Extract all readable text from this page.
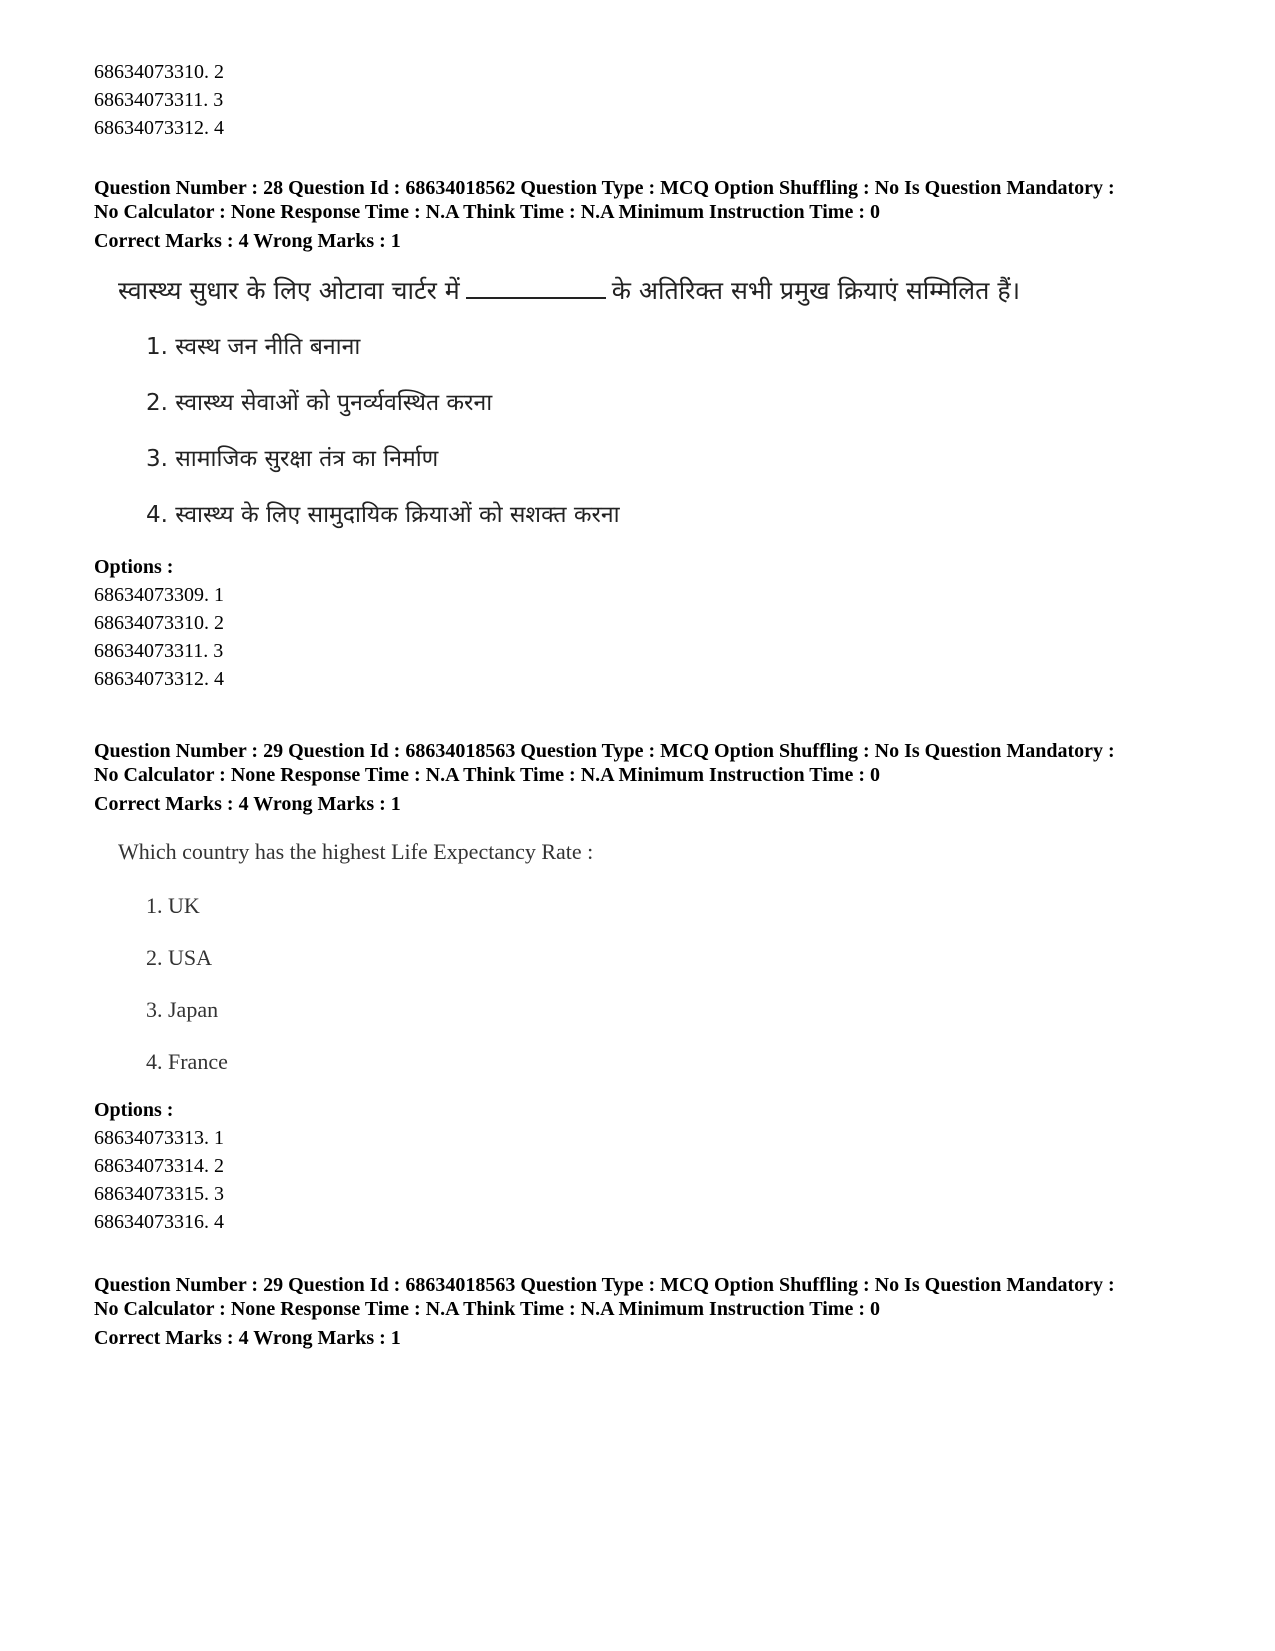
68634073310. 2
68634073311. 3
68634073312. 4
Question Number : 28 Question Id : 68634018562 Question Type : MCQ Option Shuffling : No Is Question Mandatory :
No Calculator : None Response Time : N.A Think Time : N.A Minimum Instruction Time : 0
Correct Marks : 4 Wrong Marks : 1
स्वास्थ्य सुधार के लिए ओटावा चार्टर में	के अतिरिक्त सभी प्रमुख क्रियाएं सम्मिलित हैं।
1. स्वस्थ जन नीति बनाना
2. स्वास्थ्य सेवाओं को पुनर्व्यवस्थित करना
3. सामाजिक सुरक्षा तंत्र का निर्माण
4. स्वास्थ्य के लिए सामुदायिक क्रियाओं को सशक्त करना
Options :
68634073309. 1
68634073310. 2
68634073311. 3
68634073312. 4
Question Number : 29 Question Id : 68634018563 Question Type : MCQ Option Shuffling : No Is Question Mandatory :
No Calculator : None Response Time : N.A Think Time : N.A Minimum Instruction Time : 0
Correct Marks : 4 Wrong Marks : 1
Which country has the highest Life Expectancy Rate :
1. UK
2. USA
3. Japan
4. France
Options :
68634073313. 1
68634073314. 2
68634073315. 3
68634073316. 4
Question Number : 29 Question Id : 68634018563 Question Type : MCQ Option Shuffling : No Is Question Mandatory :
No Calculator : None Response Time : N.A Think Time : N.A Minimum Instruction Time : 0
Correct Marks : 4 Wrong Marks : 1
